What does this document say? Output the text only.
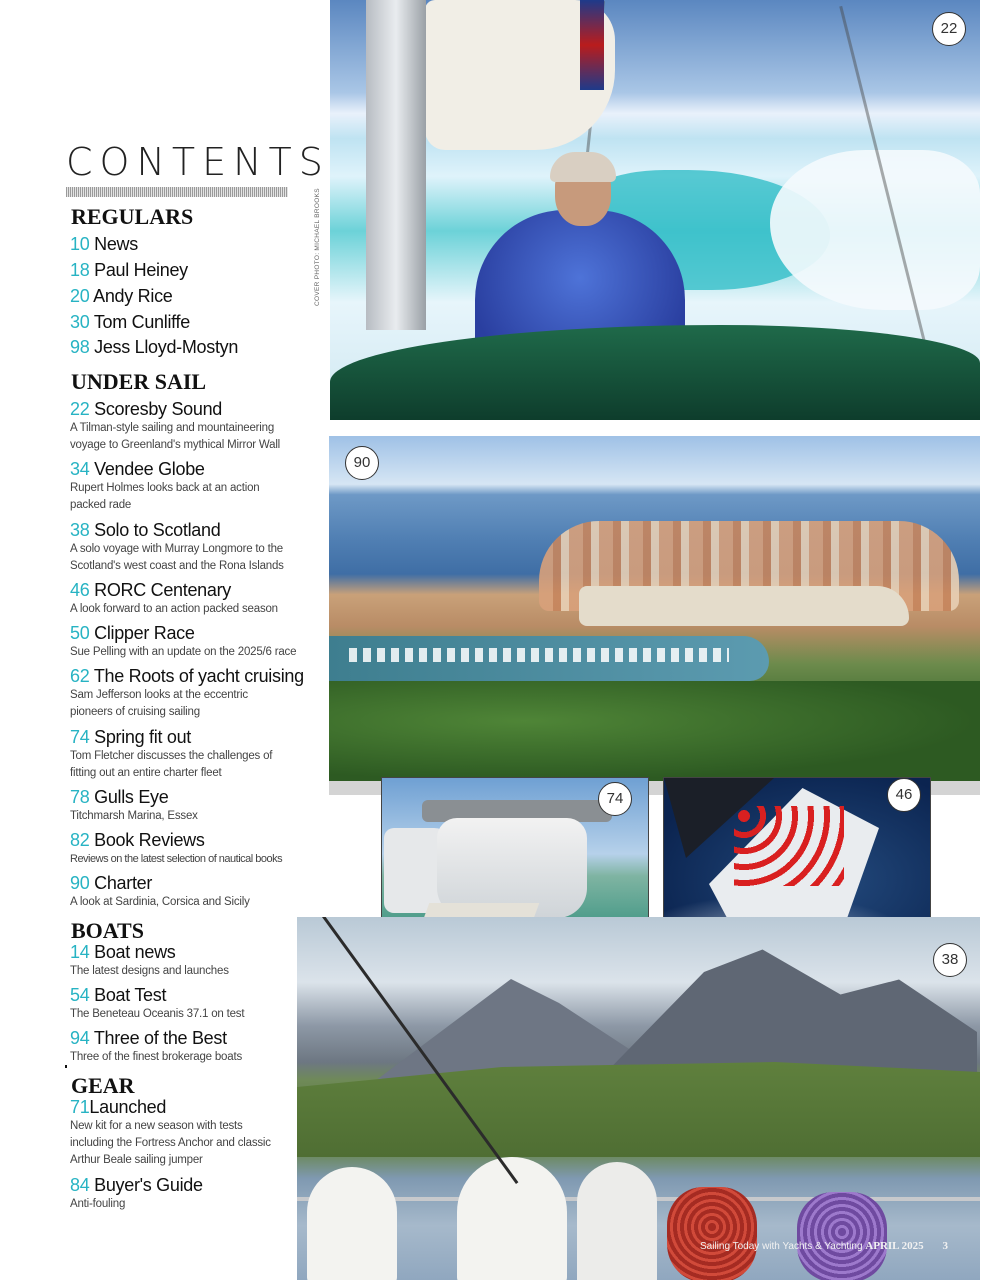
22
COVER PHOTO: MICHAEL BROOKS
90
74	46
38
Sailing Today with Yachts & Yachting APRIL 2025 3
CONTENTS
REGULARS
10 News
18 Paul Heiney
20 Andy Rice
30 Tom Cunliffe
98 Jess Lloyd-Mostyn
UNDER SAIL
22 Scoresby Sound
A Tilman-style sailing and mountaineering
voyage to Greenland's mythical Mirror Wall
34 Vendee Globe
Rupert Holmes looks back at an action
packed rade
38 Solo to Scotland
A solo voyage with Murray Longmore to the
Scotland's west coast and the Rona Islands
46 RORC Centenary
A look forward to an action packed season
50 Clipper Race
Sue Pelling with an update on the 2025/6 race
62 The Roots of yacht cruising
Sam Jefferson looks at the eccentric
pioneers of cruising sailing
74 Spring fit out
Tom Fletcher discusses the challenges of
fitting out an entire charter fleet
78 Gulls Eye
Titchmarsh Marina, Essex
82 Book Reviews
Reviews on the latest selection of nautical books
90 Charter
A look at Sardinia, Corsica and Sicily
BOATS
14 Boat news
The latest designs and launches
54 Boat Test
The Beneteau Oceanis 37.1 on test
94 Three of the Best
Three of the finest brokerage boats
GEAR
71Launched
New kit for a new season with tests
including the Fortress Anchor and classic
Arthur Beale sailing jumper
84 Buyer's Guide
Anti-fouling
